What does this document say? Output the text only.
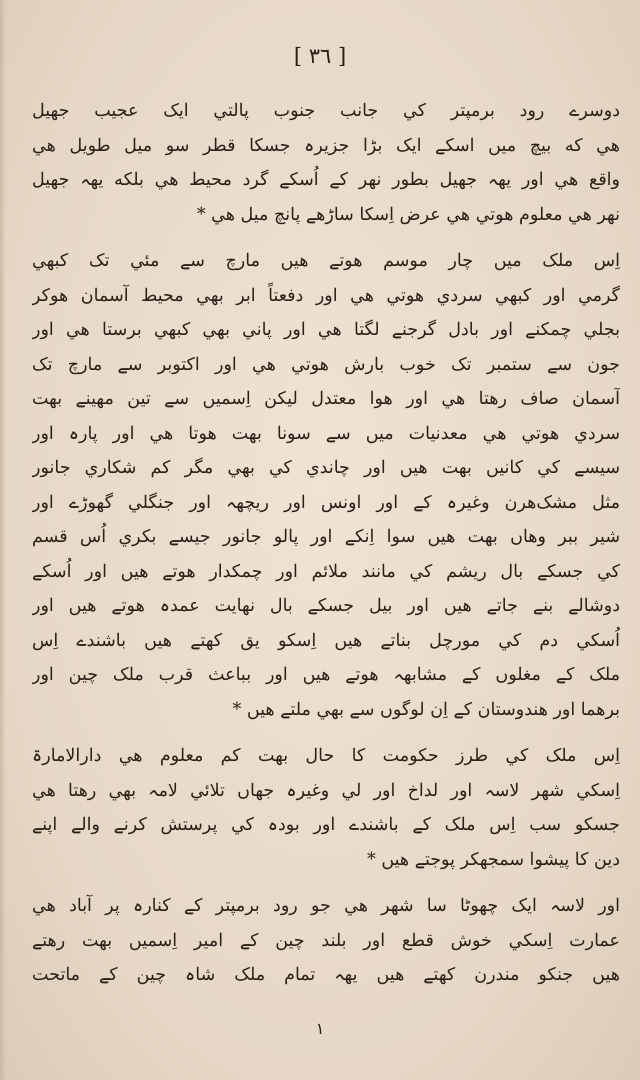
[ ٣٦ ]
دوسرے رود برمپتر کي جانب جنوب پالتي ايک عجيب جهيل
هي که بيچ ميں اسکے ايک بڑا جزيرہ جسکا قطر سو ميل طويل هي
واقع هي اور يهہ جهيل بطور نهر کے اُسکے گرد محيط هي بلکه يهہ جهيل
نهر هي معلوم هوتي هي عرض اِسکا ساڑهے پانچ ميل هي *
اِس ملک ميں چار موسم هوتے هيں مارچ سے مئي تک کبهي
گرمي اور کبهي سردي هوتي هي اور دفعتاً ابر بهي محيط آسمان هوکر
بجلي چمکنے اور بادل گرجنے لگتا هي اور پاني بهي کبهي برستا هي اور
جون سے ستمبر تک خوب بارش هوتي هي اور اکتوبر سے مارچ تک
آسمان صاف رهتا هي اور هوا معتدل ليکن اِسميں سے تين مهينے بهت
سردي هوتي هي معدنيات ميں سے سونا بهت هوتا هي اور پارہ اور
سيسے کي کانيں بهت هيں اور چاندي کي بهي مگر کم شکاري جانور
مثل مشک‌هرن وغيرہ کے اور اونس اور ريچهہ اور جنگلي گهوڑے اور
شير ببر وهاں بهت هيں سوا اِنکے اور پالو جانور جيسے بکري اُس قسم
کي جسکے بال ريشم کي مانند ملائم اور چمکدار هوتے هيں اور اُسکے
دوشالے بنے جاتے هيں اور بيل جسکے بال نهايت عمدہ هوتے هيں اور
اُسکي دم کي مورچل بناتے هيں اِسکو يق کهتے هيں باشندے اِس
ملک کے مغلوں کے مشابهہ هوتے هيں اور بباعث قرب ملک چين اور
برهما اور هندوستان کے اِن لوگوں سے بهي ملتے هيں *
اِس ملک کي طرز حکومت کا حال بهت کم معلوم هي دارالامارۃ
اِسکي شهر لاسہ اور لداخ اور لي وغيرہ جهاں تلائي لامہ بهي رهتا هي
جسکو سب اِس ملک کے باشندے اور بودہ کي پرستش کرنے والے اپنے
دين کا پيشوا سمجهکر پوجتے هيں *
اور لاسہ ايک چهوٹا سا شهر هي جو رود برمپتر کے کنارہ پر آباد هي
عمارت اِسکي خوش قطع اور بلند چين کے امير اِسميں بهت رهتے
هيں جنکو مندرن کهتے هيں يهہ تمام ملک شاہ چين کے ماتحت
١
